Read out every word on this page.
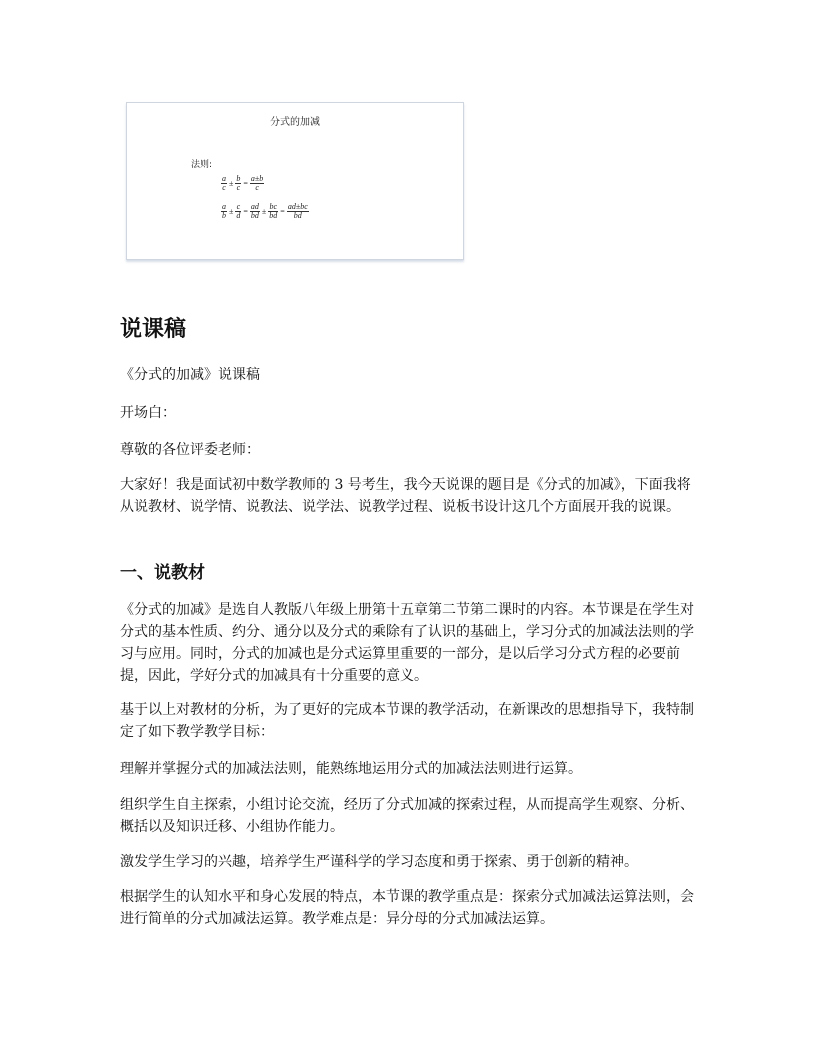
分式的加减
法则:
$\frac{a}{c} \pm \frac{b}{c} = \frac{a\pm b}{c}$
$\frac{a}{b} \pm \frac{c}{d} = \frac{ad}{bd} \pm \frac{bc}{bd} = \frac{ad\pm bc}{bd}$
说课稿
《分式的加减》说课稿
开场白：
尊敬的各位评委老师：
大家好！我是面试初中数学教师的 3 号考生，我今天说课的题目是《分式的加减》，下面我将从说教材、说学情、说教法、说学法、说教学过程、说板书设计这几个方面展开我的说课。
一、说教材
《分式的加减》是选自人教版八年级上册第十五章第二节第二课时的内容。本节课是在学生对分式的基本性质、约分、通分以及分式的乘除有了认识的基础上，学习分式的加减法法则的学习与应用。同时，分式的加减也是分式运算里重要的一部分，是以后学习分式方程的必要前提，因此，学好分式的加减具有十分重要的意义。
基于以上对教材的分析，为了更好的完成本节课的教学活动，在新课改的思想指导下，我特制定了如下教学教学目标：
理解并掌握分式的加减法法则，能熟练地运用分式的加减法法则进行运算。
组织学生自主探索，小组讨论交流，经历了分式加减的探索过程，从而提高学生观察、分析、概括以及知识迁移、小组协作能力。
激发学生学习的兴趣，培养学生严谨科学的学习态度和勇于探索、勇于创新的精神。
根据学生的认知水平和身心发展的特点，本节课的教学重点是：探索分式加减法运算法则，会进行简单的分式加减法运算。教学难点是：异分母的分式加减法运算。
